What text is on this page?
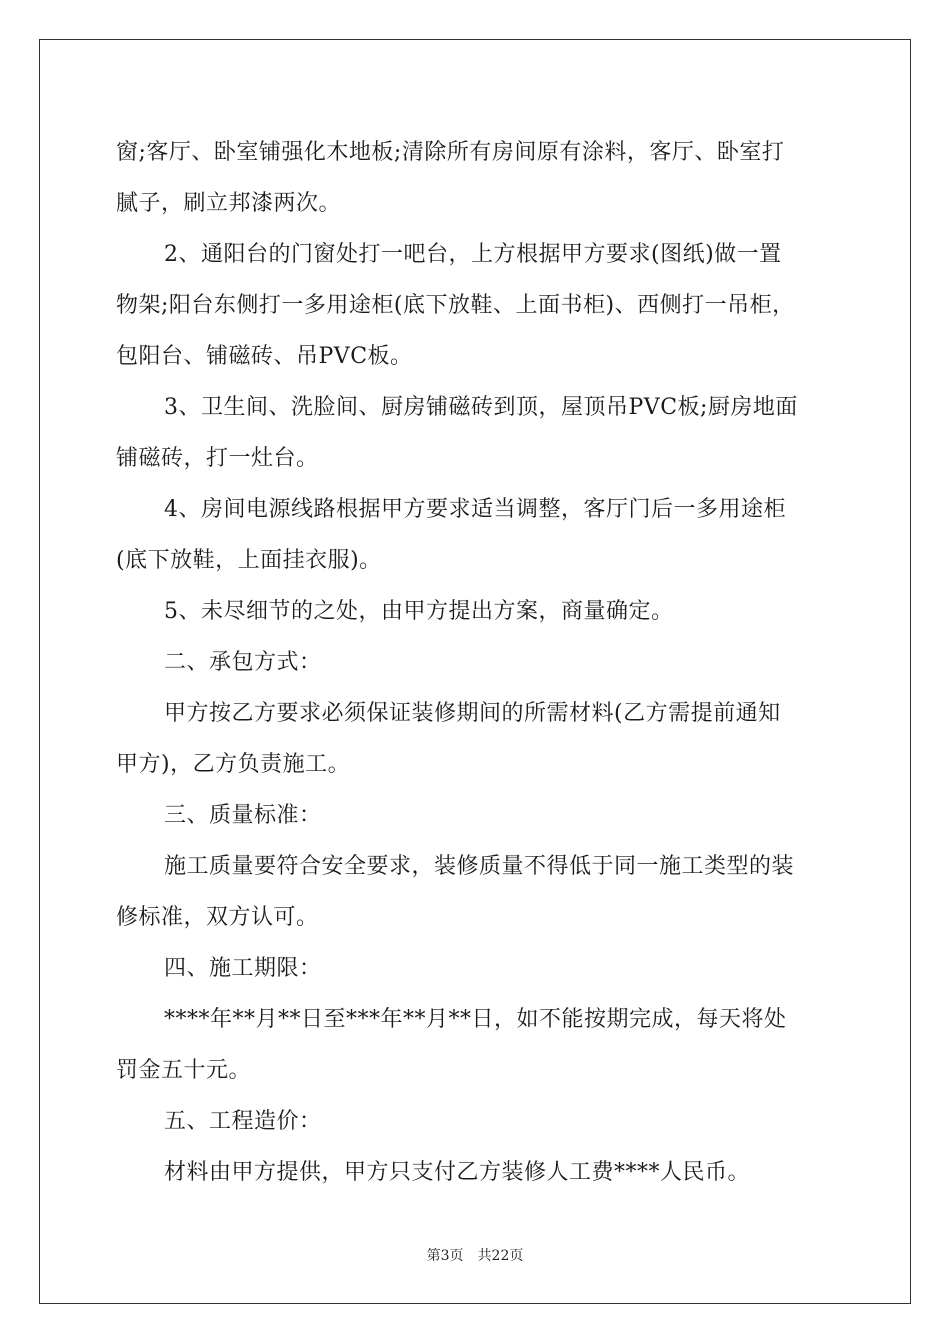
窗;客厅、卧室铺强化木地板;清除所有房间原有涂料，客厅、卧室打
腻子，刷立邦漆两次。
2、通阳台的门窗处打一吧台，上方根据甲方要求(图纸)做一置
物架;阳台东侧打一多用途柜(底下放鞋、上面书柜)、西侧打一吊柜，
包阳台、铺磁砖、吊PVC板。
3、卫生间、洗脸间、厨房铺磁砖到顶，屋顶吊PVC板;厨房地面
铺磁砖，打一灶台。
4、房间电源线路根据甲方要求适当调整，客厅门后一多用途柜
(底下放鞋，上面挂衣服)。
5、未尽细节的之处，由甲方提出方案，商量确定。
二、承包方式：
甲方按乙方要求必须保证装修期间的所需材料(乙方需提前通知
甲方)，乙方负责施工。
三、质量标准：
施工质量要符合安全要求，装修质量不得低于同一施工类型的装
修标准，双方认可。
四、施工期限：
****年**月**日至***年**月**日，如不能按期完成，每天将处
罚金五十元。
五、工程造价：
材料由甲方提供，甲方只支付乙方装修人工费****人民币。
第3页 共22页
